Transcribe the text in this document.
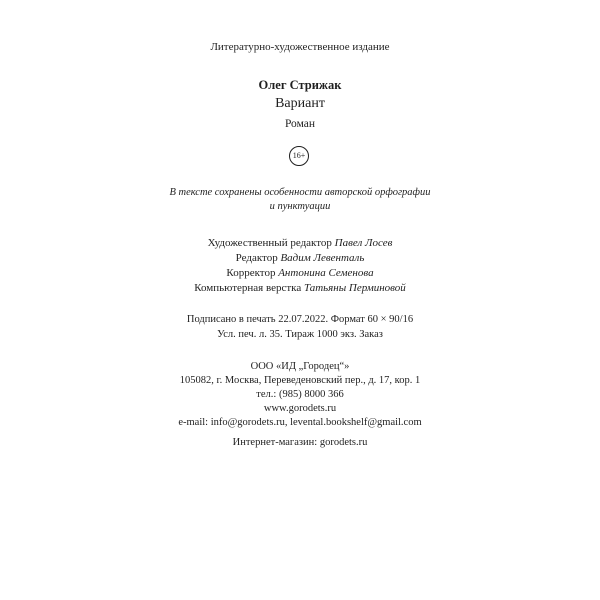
Литературно-художественное издание
Олег Стрижак
Вариант
Роман
16+
В тексте сохранены особенности авторской орфографии
и пунктуации
Художественный редактор Павел Лосев
Редактор Вадим Левенталь
Корректор Антонина Семенова
Компьютерная верстка Татьяны Перминовой
Подписано в печать 22.07.2022. Формат 60 × 90/16
Усл. печ. л. 35. Тираж 1000 экз. Заказ
ООО «ИД „Городец“»
105082, г. Москва, Переведеновский пер., д. 17, кор. 1
тел.: (985) 8000 366
www.gorodets.ru
e-mail: info@gorodets.ru, levental.bookshelf@gmail.com
Интернет-магазин: gorodets.ru
